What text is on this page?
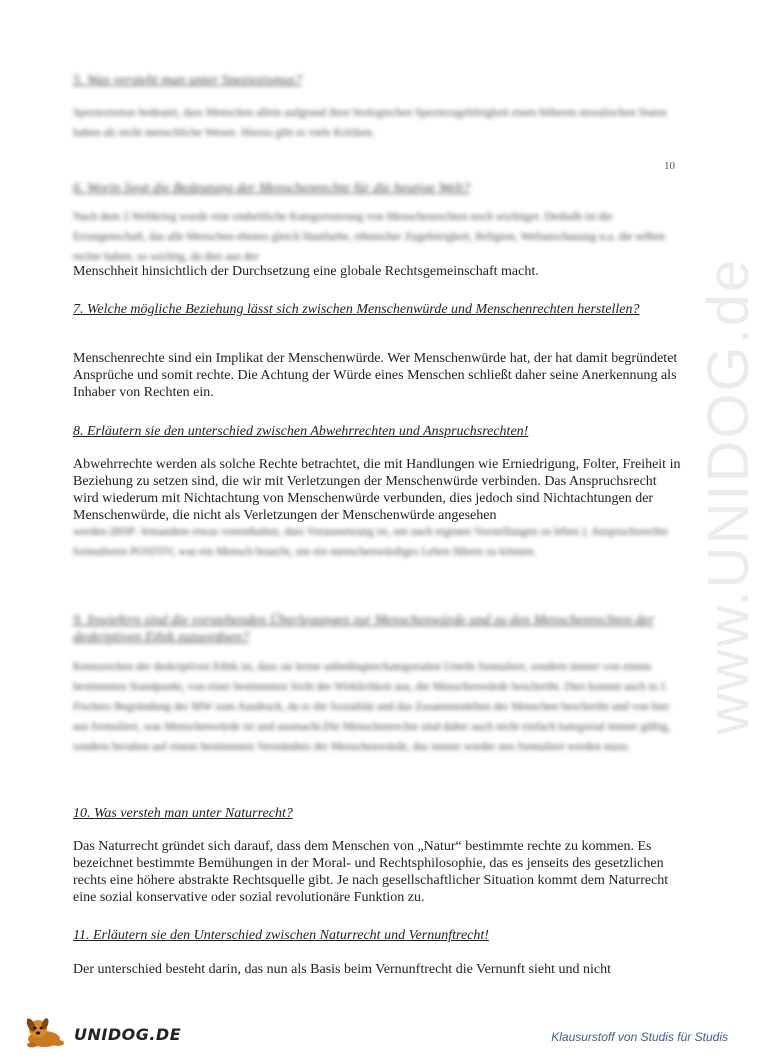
www.UNIDOG.de
10
5. Was versteht man unter Speziezismus?

Speziezismus bedeutet, dass Menschen allein aufgrund ihrer biologischen Speziezugehörigkeit einen höheren moralischen Status haben als nicht menschliche Wesen. Hierzu gibt es viele Kritiken.

6. Worin liegt die Bedeutung der Menschenrechte für die heutige Welt?

Nach dem 2.Weltkrieg wurde eine einheitliche Kategorisierung von Menschenrechten noch wichtiger. Deshalb ist die Errungenschaft, das alle Menschen ebenso gleich Hautfarbe, ethnischer Zugehörigkeit, Religion, Weltanschauung u.a. die selben rechte haben, so wichtig, da dies aus der

Menschheit hinsichtlich der Durchsetzung eine globale Rechtsgemeinschaft macht.

7. Welche mögliche Beziehung lässt sich zwischen Menschenwürde und Menschenrechten herstellen?

Menschenrechte sind ein Implikat der Menschenwürde. Wer Menschenwürde hat, der hat damit begründetet Ansprüche und somit rechte. Die Achtung der Würde eines Menschen schließt daher seine Anerkennung als Inhaber von Rechten ein.

8. Erläutern sie den unterschied zwischen Abwehrrechten und Anspruchsrechten!

Abwehrrechte werden als solche Rechte betrachtet, die mit Handlungen wie Erniedrigung, Folter, Freiheit in Beziehung zu setzen sind, die wir mit Verletzungen der Menschenwürde verbinden. Das Anspruchsrecht wird wiederum mit Nichtachtung von Menschenwürde verbunden, dies jedoch sind Nichtachtungen der Menschenwürde, die nicht als Verletzungen der Menschenwürde angesehen

werden (BSP: Jemandem etwas vorenthalten, dass Voraussetzung ist, um nach eigenen Vorstellungen zu leben ). Anspruchsrechte formulieren POSITIV, was ein Mensch braucht, um ein menschenwürdiges Leben führen zu können.

9. Inwiefern sind die vorstehenden Überlegungen zur Menschenwürde und zu den Menschenrechten der deskriptiven Ethik zuzuordnen?

Kennzeichen der deskriptiven Ethik ist, dass sie keine unbedingten/kategorialen Urteile formuliert, sondern immer von einem bestimmten Standpunkt, von einer bestimmten Sicht der Wirklichkeit aus, die Menschenwürde beschreibt. Dies kommt auch in J. Fischers Begründung der MW zum Ausdruck, da er die Sozialität und das Zusammenleben der Menschen beschreibt und von hier aus formuliert, was Menschenwürde ist und ausmacht.Die Menschenrechte sind daher auch nicht einfach kategorial immer gültig, sondern beruhen auf einem bestimmten Verständnis der Menschenwürde, das immer wieder neu formuliert werden muss.

10. Was versteh man unter Naturrecht?

Das Naturrecht gründet sich darauf, dass dem Menschen von „Natur“ bestimmte rechte zu kommen. Es bezeichnet bestimmte Bemühungen in der Moral- und Rechtsphilosophie, das es jenseits des gesetzlichen rechts eine höhere abstrakte Rechtsquelle gibt. Je nach gesellschaftlicher Situation kommt dem Naturrecht eine sozial konservative oder sozial revolutionäre Funktion zu.

11. Erläutern sie den Unterschied zwischen Naturrecht und Vernunftrecht!

Der unterschied besteht darin, das nun als Basis beim Vernunftrecht die Vernunft sieht und nicht

UNIDOG.DE	Klausurstoff von Studis für Studis
